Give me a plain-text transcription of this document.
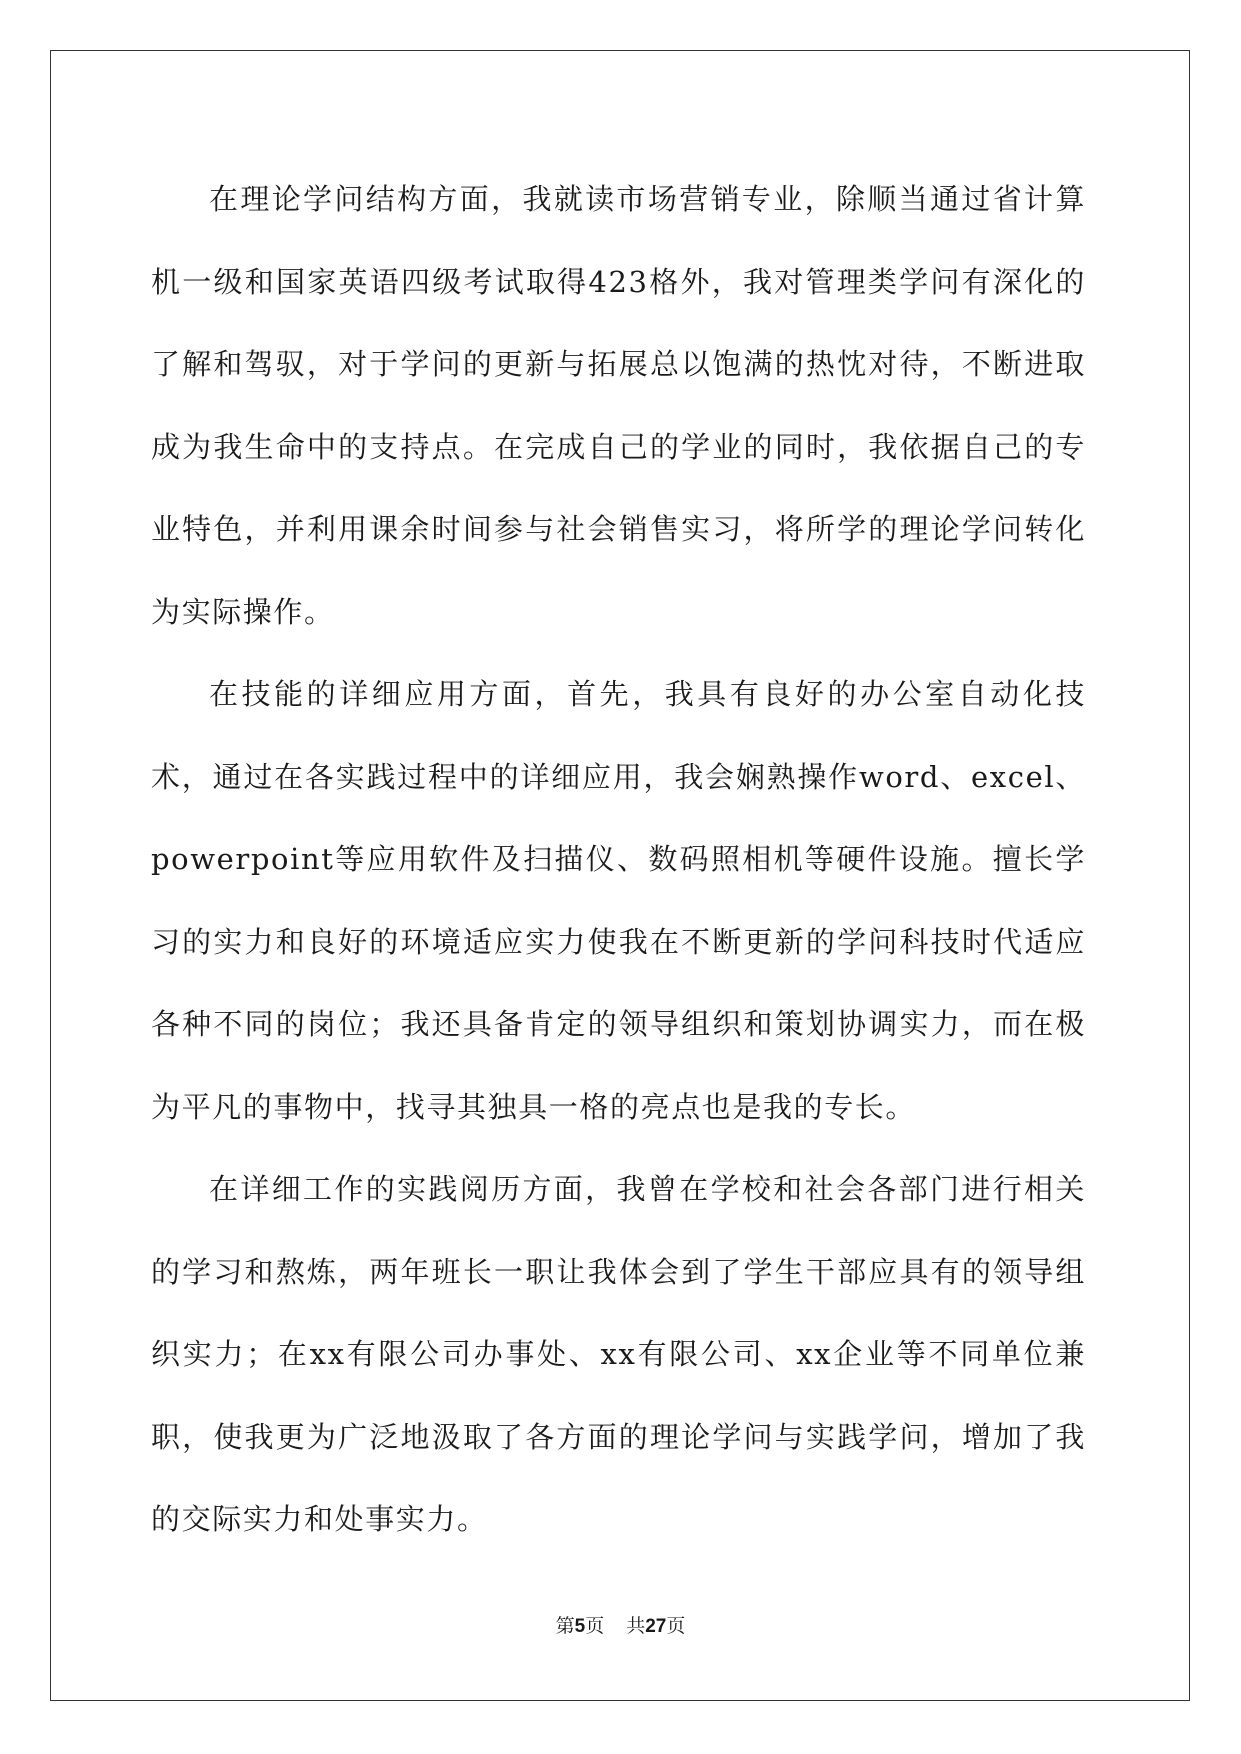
在理论学问结构方面，我就读市场营销专业，除顺当通过省计算机一级和国家英语四级考试取得423格外，我对管理类学问有深化的了解和驾驭，对于学问的更新与拓展总以饱满的热忱对待，不断进取成为我生命中的支持点。在完成自己的学业的同时，我依据自己的专业特色，并利用课余时间参与社会销售实习，将所学的理论学问转化为实际操作。

在技能的详细应用方面，首先，我具有良好的办公室自动化技术，通过在各实践过程中的详细应用，我会娴熟操作word、excel、powerpoint等应用软件及扫描仪、数码照相机等硬件设施。擅长学习的实力和良好的环境适应实力使我在不断更新的学问科技时代适应各种不同的岗位；我还具备肯定的领导组织和策划协调实力，而在极为平凡的事物中，找寻其独具一格的亮点也是我的专长。

在详细工作的实践阅历方面，我曾在学校和社会各部门进行相关的学习和熬炼，两年班长一职让我体会到了学生干部应具有的领导组织实力；在xx有限公司办事处、xx有限公司、xx企业等不同单位兼职，使我更为广泛地汲取了各方面的理论学问与实践学问，增加了我的交际实力和处事实力。

第5页 共27页
